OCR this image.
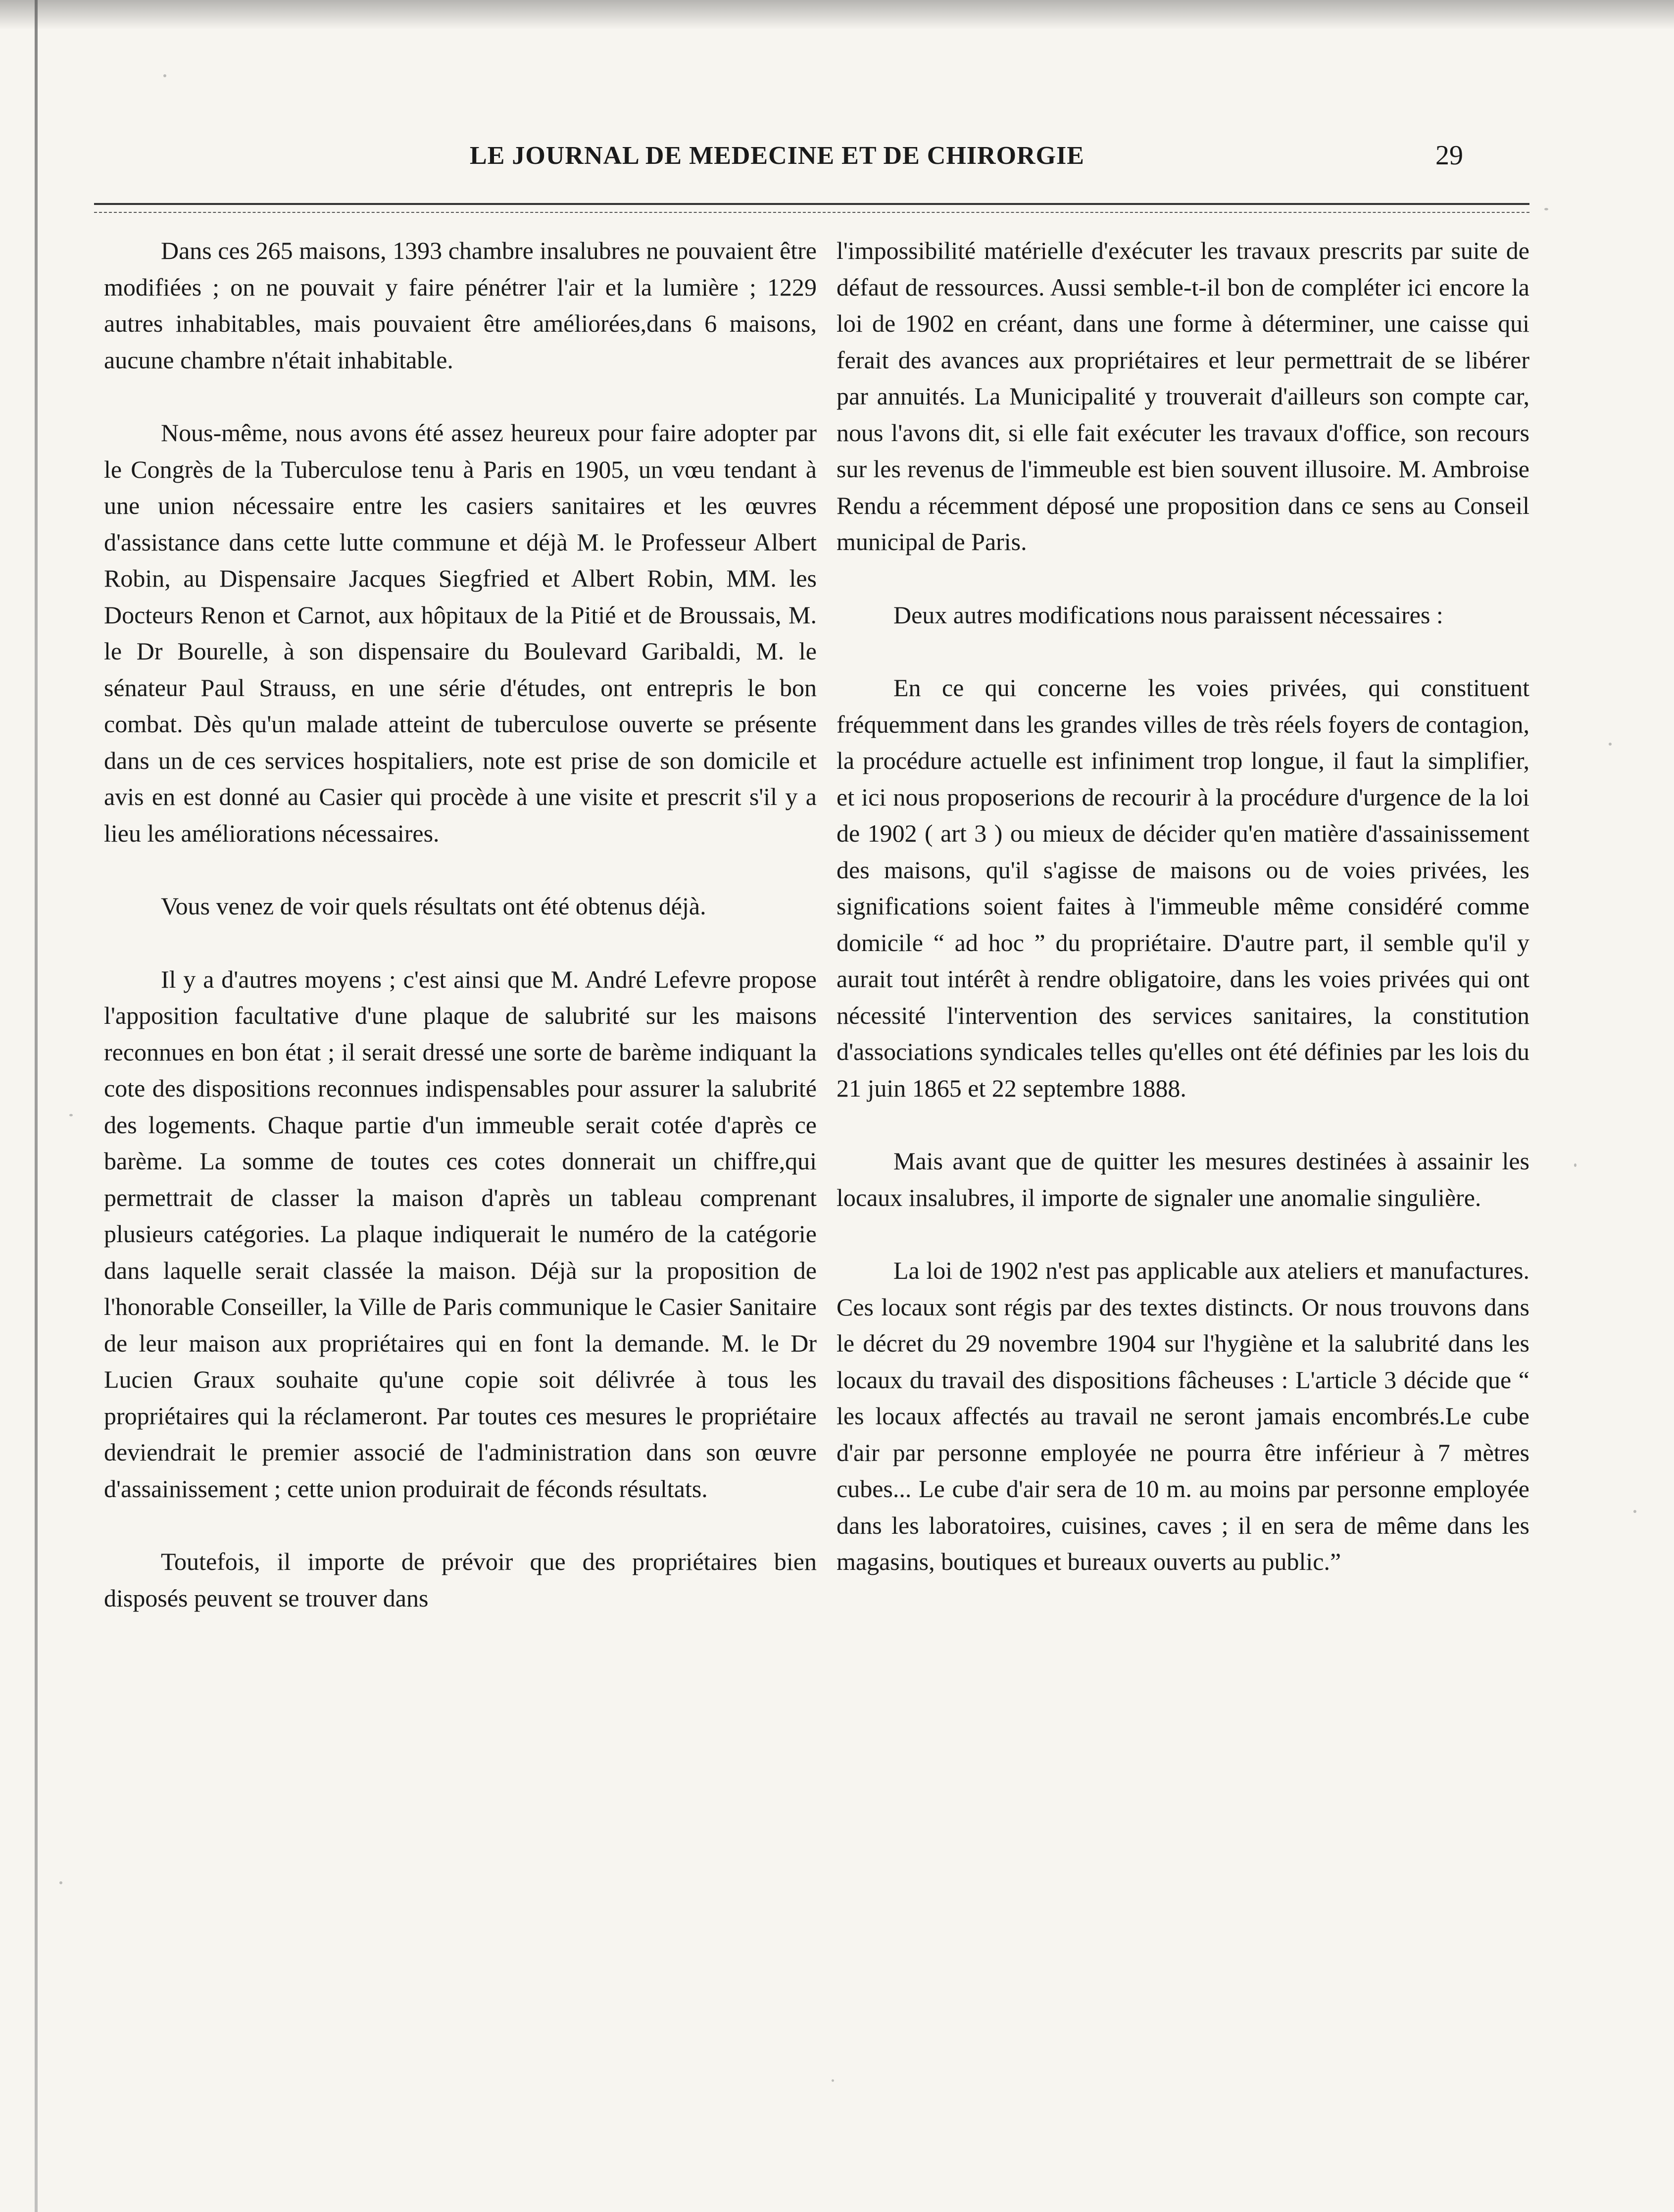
LE JOURNAL DE MEDECINE ET DE CHIRORGIE	29

Dans ces 265 maisons, 1393 chambre insalubres ne pouvaient être modifiées ; on ne pouvait y faire pénétrer l'air et la lumière ; 1229 autres inhabitables, mais pouvaient être améliorées,dans 6 maisons, aucune chambre n'était inhabitable.

Nous-même, nous avons été assez heureux pour faire adopter par le Congrès de la Tuberculose tenu à Paris en 1905, un vœu tendant à une union nécessaire entre les casiers sanitaires et les œuvres d'assistance dans cette lutte commune et déjà M. le Professeur Albert Robin, au Dispensaire Jacques Siegfried et Albert Robin, MM. les Docteurs Renon et Carnot, aux hôpitaux de la Pitié et de Broussais, M. le Dr Bourelle, à son dispensaire du Boulevard Garibaldi, M. le sénateur Paul Strauss, en une série d'études, ont entrepris le bon combat. Dès qu'un malade atteint de tuberculose ouverte se présente dans un de ces services hospitaliers, note est prise de son domicile et avis en est donné au Casier qui procède à une visite et prescrit s'il y a lieu les améliorations nécessaires.

Vous venez de voir quels résultats ont été obtenus déjà.

Il y a d'autres moyens ; c'est ainsi que M. André Lefevre propose l'apposition facultative d'une plaque de salubrité sur les maisons reconnues en bon état ; il serait dressé une sorte de barème indiquant la cote des dispositions reconnues indispensables pour assurer la salubrité des logements. Chaque partie d'un immeuble serait cotée d'après ce barème. La somme de toutes ces cotes donnerait un chiffre,qui permettrait de classer la maison d'après un tableau comprenant plusieurs catégories. La plaque indiquerait le numéro de la catégorie dans laquelle serait classée la maison. Déjà sur la proposition de l'honorable Conseiller, la Ville de Paris communique le Casier Sanitaire de leur maison aux propriétaires qui en font la demande. M. le Dr Lucien Graux souhaite qu'une copie soit délivrée à tous les propriétaires qui la réclameront. Par toutes ces mesures le propriétaire deviendrait le premier associé de l'administration dans son œuvre d'assainissement ; cette union produirait de féconds résultats.

Toutefois, il importe de prévoir que des propriétaires bien disposés peuvent se trouver dans

l'impossibilité matérielle d'exécuter les travaux prescrits par suite de défaut de ressources. Aussi semble-t-il bon de compléter ici encore la loi de 1902 en créant, dans une forme à déterminer, une caisse qui ferait des avances aux propriétaires et leur permettrait de se libérer par annuités. La Municipalité y trouverait d'ailleurs son compte car, nous l'avons dit, si elle fait exécuter les travaux d'office, son recours sur les revenus de l'immeuble est bien souvent illusoire. M. Ambroise Rendu a récemment déposé une proposition dans ce sens au Conseil municipal de Paris.

Deux autres modifications nous paraissent nécessaires :

En ce qui concerne les voies privées, qui constituent fréquemment dans les grandes villes de très réels foyers de contagion, la procédure actuelle est infiniment trop longue, il faut la simplifier, et ici nous proposerions de recourir à la procédure d'urgence de la loi de 1902 ( art 3 ) ou mieux de décider qu'en matière d'assainissement des maisons, qu'il s'agisse de maisons ou de voies privées, les significations soient faites à l'immeuble même considéré comme domicile “ ad hoc ” du propriétaire. D'autre part, il semble qu'il y aurait tout intérêt à rendre obligatoire, dans les voies privées qui ont nécessité l'intervention des services sanitaires, la constitution d'associations syndicales telles qu'elles ont été définies par les lois du 21 juin 1865 et 22 septembre 1888.

Mais avant que de quitter les mesures destinées à assainir les locaux insalubres, il importe de signaler une anomalie singulière.

La loi de 1902 n'est pas applicable aux ateliers et manufactures. Ces locaux sont régis par des textes distincts. Or nous trouvons dans le décret du 29 novembre 1904 sur l'hygiène et la salubrité dans les locaux du travail des dispositions fâcheuses : L'article 3 décide que “ les locaux affectés au travail ne seront jamais encombrés.Le cube d'air par personne employée ne pourra être inférieur à 7 mètres cubes... Le cube d'air sera de 10 m. au moins par personne employée dans les laboratoires, cuisines, caves ; il en sera de même dans les magasins, boutiques et bureaux ouverts au public.”
